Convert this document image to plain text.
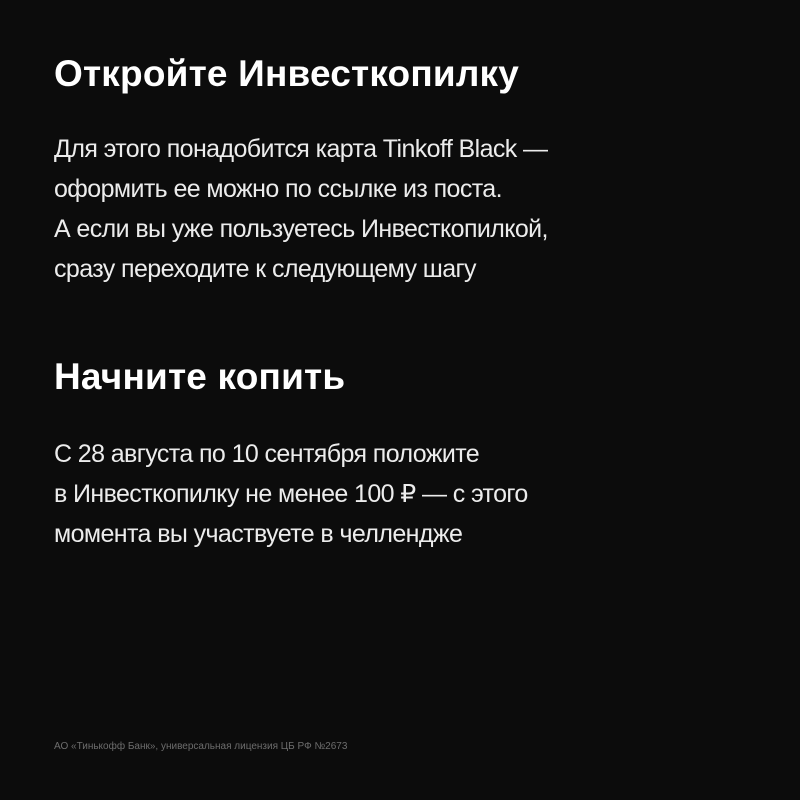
Откройте Инвесткопилку

Для этого понадобится карта Tinkoff Black —
оформить ее можно по ссылке из поста.
А если вы уже пользуетесь Инвесткопилкой,
сразу переходите к следующему шагу

Начните копить

С 28 августа по 10 сентября положите
в Инвесткопилку не менее 100 ₽ — с этого
момента вы участвуете в челлендже

АО «Тинькофф Банк», универсальная лицензия ЦБ РФ №2673
